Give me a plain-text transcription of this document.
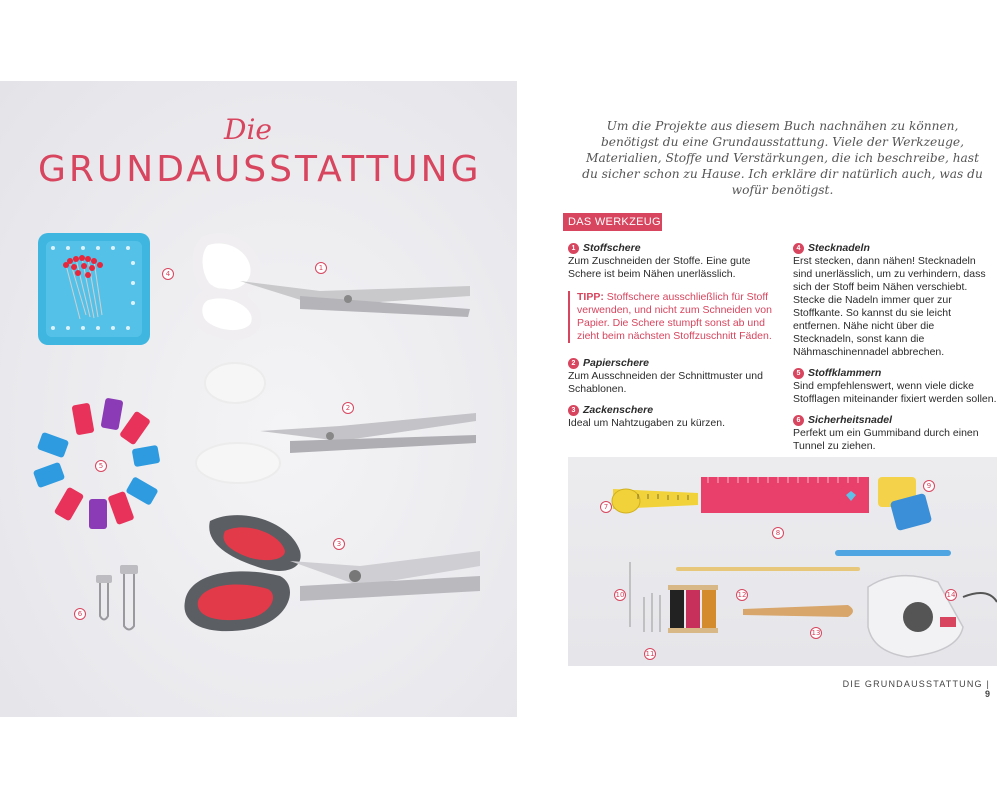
Die
GRUNDAUSSTATTUNG
4
1
2
5
3
6
Um die Projekte aus diesem Buch nachnähen zu können, benötigst du eine Grundausstattung. Viele der Werkzeuge, Materialien, Stoffe und Verstärkungen, die ich beschreibe, hast du sicher schon zu Hause. Ich erkläre dir natürlich auch, was du wofür benötigst.
DAS WERKZEUG
1 Stoffschere
Zum Zuschneiden der Stoffe. Eine gute Schere ist beim Nähen unerlässlich.
TIPP: Stoffschere ausschließlich für Stoff verwenden, und nicht zum Schneiden von Papier. Die Schere stumpft sonst ab und zieht beim nächsten Stoffzuschnitt Fäden.
2 Papierschere
Zum Ausschneiden der Schnittmuster und Schablonen.
3 Zackenschere
Ideal um Nahtzugaben zu kürzen.
4 Stecknadeln
Erst stecken, dann nähen! Stecknadeln sind unerlässlich, um zu verhindern, dass sich der Stoff beim Nähen verschiebt. Stecke die Nadeln immer quer zur Stoffkante. So kannst du sie leicht entfernen. Nähe nicht über die Stecknadeln, sonst kann die Nähmaschinennadel abbrechen.
5 Stoffklammern
Sind empfehlenswert, wenn viele dicke Stofflagen miteinander fixiert werden sollen.
6 Sicherheitsnadel
Perfekt um ein Gummiband durch einen Tunnel zu ziehen.
7
8
9
10
11
12
13
14
DIE GRUNDAUSSTATTUNG | 9
